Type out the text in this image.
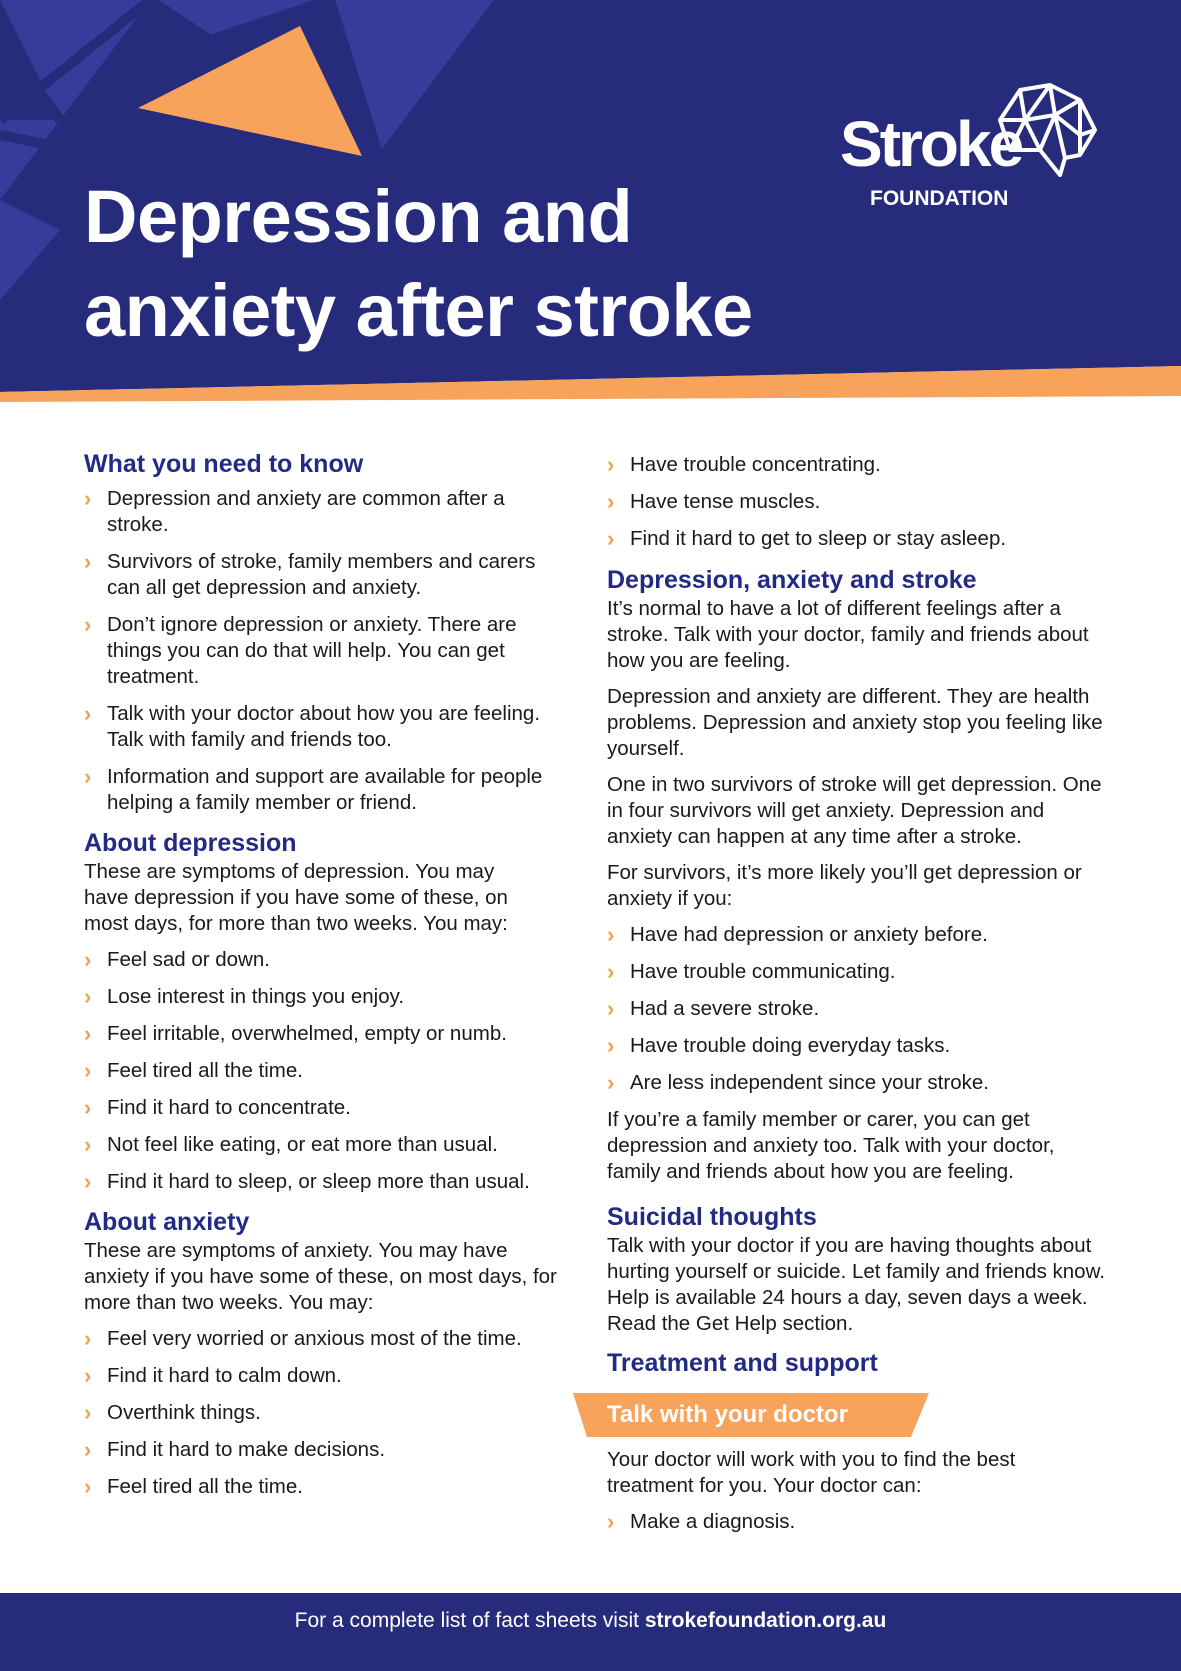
Stroke
FOUNDATION
Depression and
anxiety after stroke
What you need to know
› Depression and anxiety are common after a stroke.
› Survivors of stroke, family members and carers can all get depression and anxiety.
› Don’t ignore depression or anxiety. There are things you can do that will help. You can get treatment.
› Talk with your doctor about how you are feeling. Talk with family and friends too.
› Information and support are available for people helping a family member or friend.
About depression

These are symptoms of depression. You may have depression if you have some of these, on most days, for more than two weeks. You may:

› Feel sad or down.
› Lose interest in things you enjoy.
› Feel irritable, overwhelmed, empty or numb.
› Feel tired all the time.
› Find it hard to concentrate.
› Not feel like eating, or eat more than usual.
› Find it hard to sleep, or sleep more than usual.
About anxiety

These are symptoms of anxiety. You may have anxiety if you have some of these, on most days, for more than two weeks. You may:

› Feel very worried or anxious most of the time.
› Find it hard to calm down.
› Overthink things.
› Find it hard to make decisions.
› Feel tired all the time.
› Have trouble concentrating.
› Have tense muscles.
› Find it hard to get to sleep or stay asleep.
Depression, anxiety and stroke

It’s normal to have a lot of different feelings after a stroke. Talk with your doctor, family and friends about how you are feeling.

Depression and anxiety are different. They are health problems. Depression and anxiety stop you feeling like yourself.

One in two survivors of stroke will get depression. One in four survivors will get anxiety. Depression and anxiety can happen at any time after a stroke.

For survivors, it’s more likely you’ll get depression or anxiety if you:

› Have had depression or anxiety before.
› Have trouble communicating.
› Had a severe stroke.
› Have trouble doing everyday tasks.
› Are less independent since your stroke.

If you’re a family member or carer, you can get depression and anxiety too. Talk with your doctor, family and friends about how you are feeling.

Suicidal thoughts

Talk with your doctor if you are having thoughts about hurting yourself or suicide. Let family and friends know. Help is available 24 hours a day, seven days a week. Read the Get Help section.

Treatment and support
Talk with your doctor

Your doctor will work with you to find the best treatment for you. Your doctor can:

› Make a diagnosis.
For a complete list of fact sheets visit strokefoundation.org.au
